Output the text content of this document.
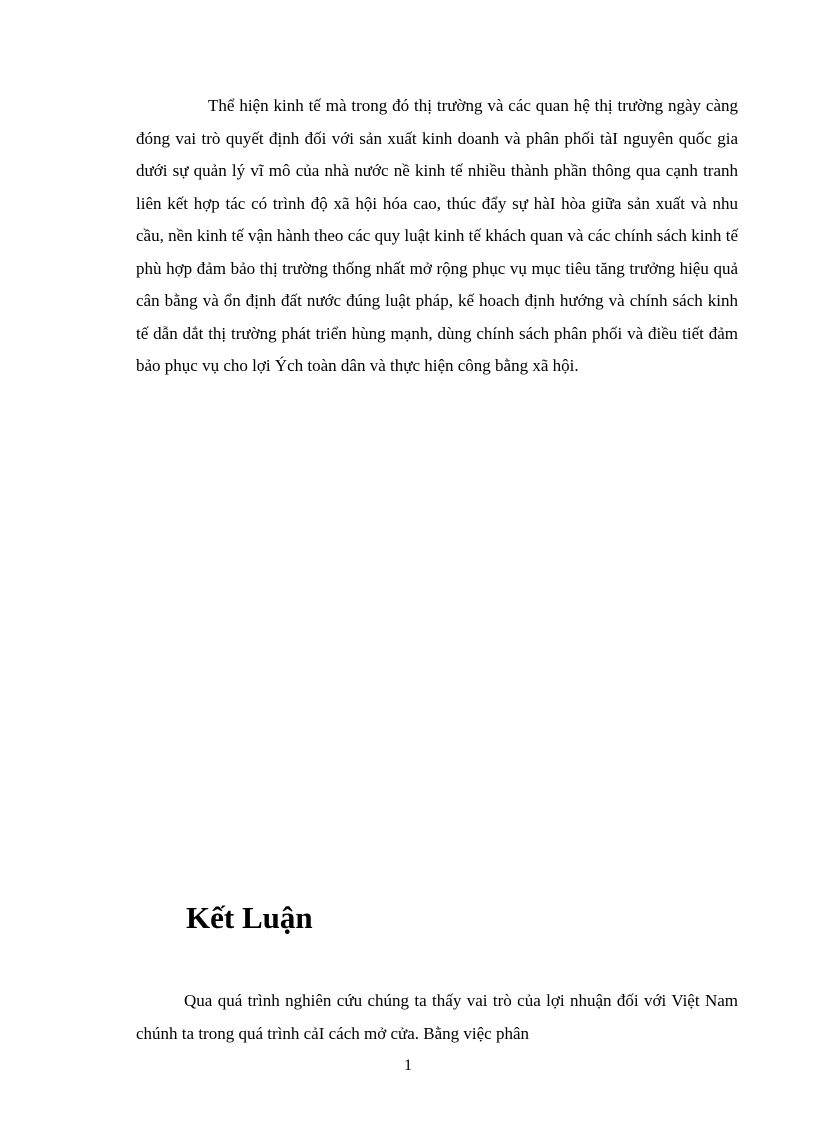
Thể hiện kinh tế mà trong đó thị trường và các quan hệ thị trường ngày càng đóng vai trò quyết định đối với sản xuất kinh doanh và phân phối tàI nguyên quốc gia dưới sự quản lý vĩ mô của nhà nước nề kinh tế nhiều thành phần thông qua cạnh tranh liên kết hợp tác có trình độ xã hội hóa cao, thúc đẩy sự hàI hòa giữa sản xuất và nhu cầu, nền kinh tế vận hành theo các quy luật kinh tế khách quan và các chính sách kinh tế phù hợp đảm bảo thị trường thống nhất mở rộng phục vụ mục tiêu tăng trưởng hiệu quả cân bằng và ổn định đất nước đúng luật pháp, kế hoach định hướng và chính sách kinh tế dẫn dắt thị trường phát triển hùng mạnh, dùng chính sách phân phối và điều tiết đảm bảo phục vụ cho lợi Ých toàn dân và thực hiện công bằng xã hội.

Kết Luận

Qua quá trình nghiên cứu chúng ta thấy vai trò của lợi nhuận đối với Việt Nam chúnh ta trong quá trình cảI cách mở cửa. Bằng việc phân

1
